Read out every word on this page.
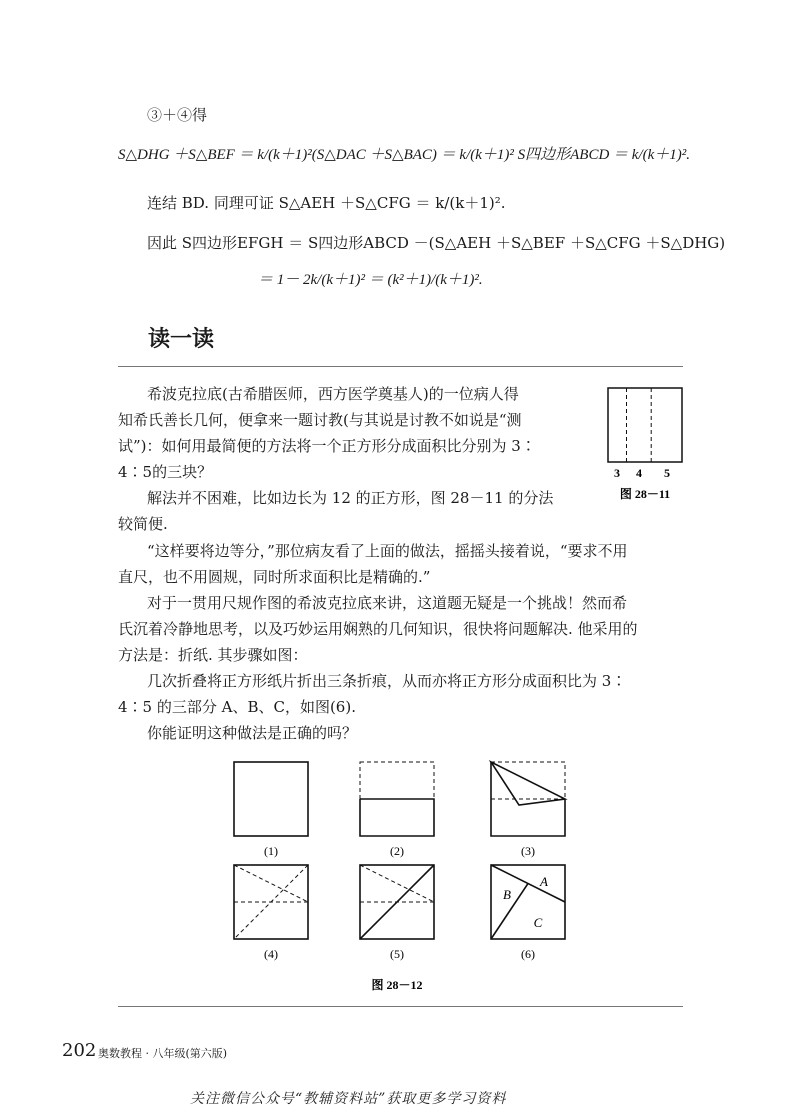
③＋④得
S△DHG ＋S△BEF ＝ k/(k＋1)²(S△DAC ＋S△BAC) ＝ k/(k＋1)² S四边形ABCD ＝ k/(k＋1)².
连结 BD. 同理可证 S△AEH ＋S△CFG ＝ k/(k＋1)².
因此 S四边形EFGH ＝ S四边形ABCD －(S△AEH ＋S△BEF ＋S△CFG ＋S△DHG)
＝ 1－ 2k/(k＋1)² ＝ (k²＋1)/(k＋1)².
读一读
希波克拉底(古希腊医师，西方医学奠基人)的一位病人得
知希氏善长几何，便拿来一题讨教(与其说是讨教不如说是“测
试”)：如何用最简便的方法将一个正方形分成面积比分别为 3∶
4∶5的三块？
解法并不困难，比如边长为 12 的正方形，图 28－11 的分法
较简便.
“这样要将边等分，”那位病友看了上面的做法，摇摇头接着说，“要求不用
直尺，也不用圆规，同时所求面积比是精确的.”
对于一贯用尺规作图的希波克拉底来讲，这道题无疑是一个挑战！然而希
氏沉着冷静地思考，以及巧妙运用娴熟的几何知识，很快将问题解决. 他采用的
方法是：折纸. 其步骤如图：
几次折叠将正方形纸片折出三条折痕，从而亦将正方形分成面积比为 3∶
4∶5 的三部分 A、B、C，如图(6).
你能证明这种做法是正确的吗？
3 4 5
图 28－11
A
B
C
(1)	(2)	(3)
(4)	(5)	(6)
图 28－12
202 奥数教程 · 八年级(第六版)
关注微信公众号“教辅资料站”获取更多学习资料
